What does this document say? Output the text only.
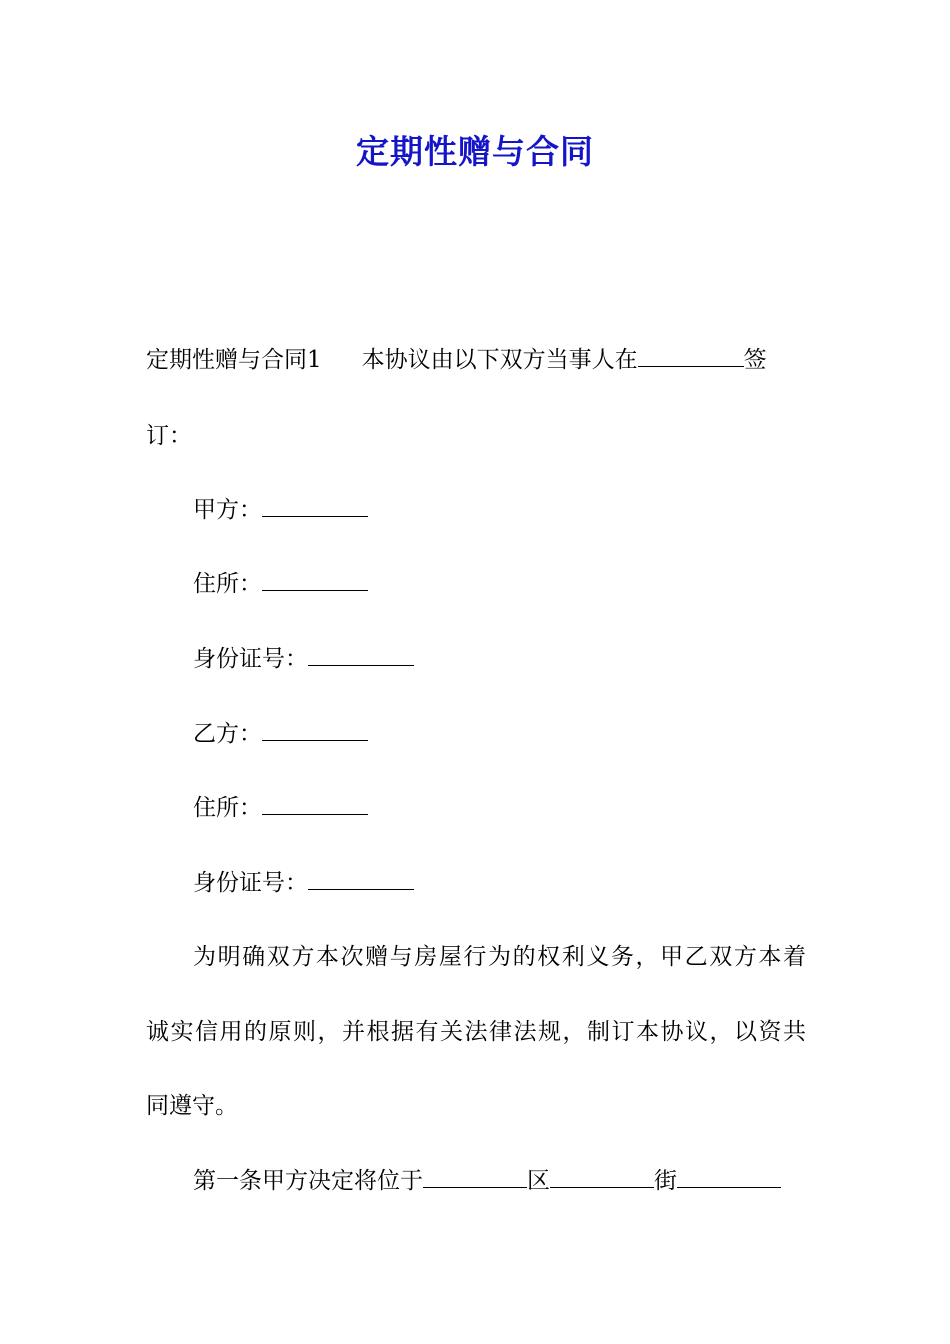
定期性赠与合同
定期性赠与合同1 本协议由以下双方当事人在	签
订：
甲方：
住所：
身份证号：
乙方：
住所：
身份证号：
为明确双方本次赠与房屋行为的权利义务，甲乙双方本着
诚实信用的原则，并根据有关法律法规，制订本协议，以资共
同遵守。
第一条甲方决定将位于	区	街
